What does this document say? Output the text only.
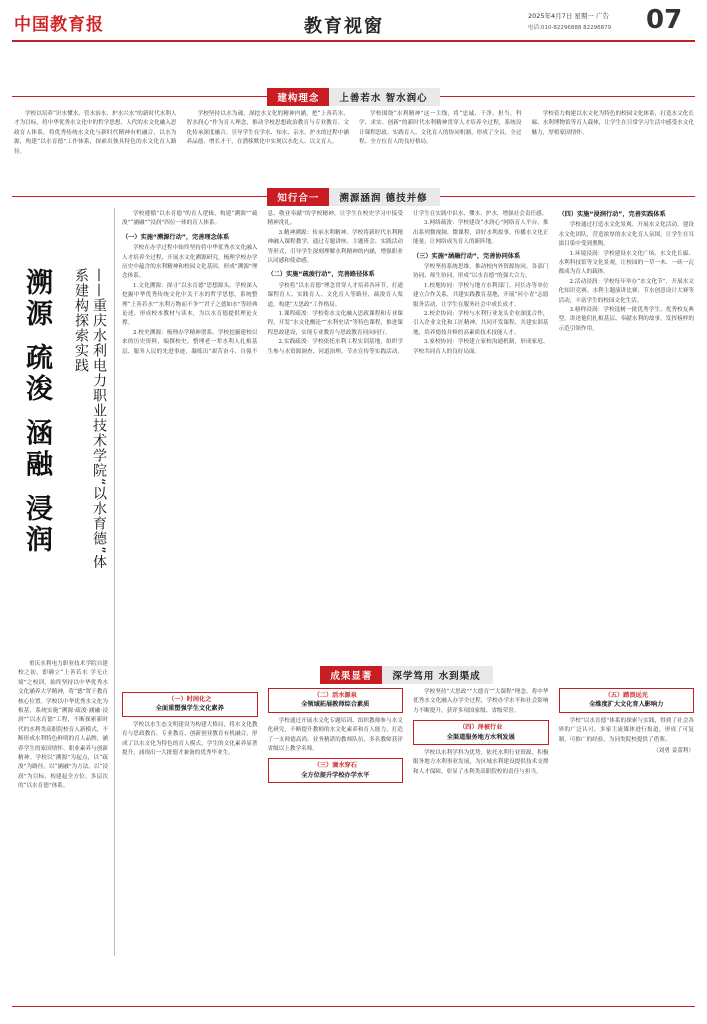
中国教育报	教育视窗	2025年4月7日 星期一 广告
电话:010-82296888 82296879 07
建构理念	上善若水 智水润心

学校以培养“识水懂水、管水治水、护水兴水”的新时代水利人才为目标，将中华优秀水文化中的哲学思想、人代的水文化融入思政育人体系，将优秀传统水文化与新时代精神有机融合，以水为源，构建“以水育德”工作体系，探索出独具特色的水文化育人路径。

学校坚持以水为魂，深挖水文化的精神内涵，把“上善若水、智水润心”作为育人理念，推动学校思想政治教育与专业教育、文化传承深度融合。引导学生在学水、知水、亲水、护水的过程中涵养品德、增长才干，在潜移默化中实现以水化人、以文育人。

学校围绕“水利精神”这一主线，将“忠诚、干净、担当，科学、求实、创新”的新时代水利精神贯穿人才培养全过程，系统设计课程思政、实践育人、文化育人的协同机制，形成了全员、全过程、全方位育人的良好格局。

学校着力构建以水文化为特色的校园文化体系，打造水文化长廊、水利博物馆等育人载体，让学生在日常学习生活中感受水文化魅力，厚植家国情怀。

知行合一	溯源涵润 德技并修
溯源 疏浚 涵融 浸润	——重庆水利电力职业技术学院“以水育德”体系建构探索实践

重庆水利电力职业技术学院自建校之初，即确立“上善若水 学无止境”之校训，始终坚持以中华优秀水文化涵养大学精神，将“德”置于教育核心位置。学校以中华优秀水文化为根基，系统实施“溯源·疏浚·涵融·浸润”“以水育德”工程，不断探索新时代的水利类高职院校育人新模式，不断形成水利特色鲜明的育人品牌，涵养学生的家国情怀、职业素养与创新精神。学校以“溯源”为起点，以“疏浚”为路径，以“涵融”为方法，以“浸润”为目标，构建起全方位、多层次的“以水育德”体系。

学校遵循“以水育德”的育人逻辑，构建“溯源”“疏浚”“涵融”“浸润”四位一体的育人体系。

（一）实施“溯源行动”，完善理念体系

学校在办学过程中始终坚持将中华优秀水文化融入人才培养全过程，开展水文化溯源研究，梳理学校办学历史中蕴含的水利精神和校园文化基因，形成“溯源”理念体系。

1.文化溯源：探寻“以水育德”思想源头。学校深入挖掘中华优秀传统文化中关于水的哲学思想，系统整理“上善若水”“水利万物而不争”“君子之德如水”等经典论述，形成校本教材与读本，为以水育德提供理论支撑。

2.校史溯源：梳理办学精神谱系。学校挖掘建校以来的历史资料，编撰校史，整理老一辈水利人扎根基层、服务人民的先进事迹，凝练出“艰苦奋斗、自强不息、敬业奉献”的学校精神，让学生在校史学习中接受精神洗礼。

3.精神溯源：传承水利精神。学校将新时代水利精神融入课程教学，通过专题讲座、主题班会、实践活动等形式，引导学生深刻理解水利精神的内涵，增强职业认同感和使命感。

（二）实施“疏浚行动”，完善路径体系

学校将“以水育德”理念贯穿人才培养各环节，打通课程育人、实践育人、文化育人等路径，疏浚育人渠道，构建“大思政”工作格局。

1.课程疏浚：学校将水文化融入思政课程和专业课程，开发“水文化概论”“水利史话”等特色课程，推进课程思政建设，实现专业教育与思政教育同向同行。

2.实践疏浚：学校依托水利工程实训基地，组织学生参与水资源调查、河道治理、节水宣传等实践活动，让学生在实践中识水、懂水、护水，增强社会责任感。

3.网络疏浚：学校建设“水润心”网络育人平台，推出系列微视频、微课程，讲好水利故事，传播水文化正能量，让网络成为育人的新阵地。

（三）实施“涵融行动”，完善协同体系

学校坚持系统思维，推动校内外资源协同、各部门协同、师生协同，形成“以水育德”的强大合力。

1.校地协同：学校与地方水利部门、河长办等单位建立合作关系，共建实践教育基地，开展“河小青”志愿服务活动，让学生在服务社会中成长成才。

2.校企协同：学校与水利行业龙头企业深度合作，引入企业文化和工匠精神，共同开发课程、共建实训基地，培养德技并修的高素质技术技能人才。

3.家校协同：学校建立家校沟通机制，形成家庭、学校共同育人的良好局面。

（四）实施“浸润行动”，完善实践体系

学校通过打造水文化景观、开展水文化活动、建设水文化团队，营造浓厚的水文化育人氛围，让学生在耳濡目染中受到熏陶。

1.环境浸润：学校建设水文化广场、水文化长廊、水利科技馆等文化景观，让校园的一草一木、一砖一瓦都成为育人的载体。

2.活动浸润：学校每年举办“水文化节”，开展水文化知识竞赛、水利主题演讲比赛、节水创意设计大赛等活动，丰富学生的校园文化生活。

3.榜样浸润：学校选树一批优秀学生、优秀校友典型，讲述他们扎根基层、奉献水利的故事，发挥榜样的示范引领作用。

成果显著	深学笃用 水到渠成
（一）时间化之
全面重塑强学生文化素养

学校以水生态文明建设为构建大格局，将水文化教育与思政教育、专业教育、创新创业教育有机融合，形成了以水文化为特色的育人模式，学生的文化素养显著提升，涌现出一大批德才兼备的优秀毕业生。

（二）活水源泉
全领域拓展教师综合素质

学校通过开展水文化专题培训、组织教师参与水文化研究，不断提升教师的水文化素养和育人能力，打造了一支师德高尚、业务精湛的教师队伍，多名教师获评省级以上教学名师。

（三）滴水穿石
全方位提升学校办学水平

学校坚持“大思政”“大德育”“大课程”理念，将中华优秀水文化融入办学全过程，学校办学水平和社会影响力不断提升，获评多项国家级、省级荣誉。

（四）泽被行业
全渠道服务地方水利发展

学校以水利学科为优势，依托水利行业资源，积极服务地方水利事业发展，为区域水利建设提供技术支撑和人才保障，彰显了水利类高职院校的责任与担当。

（五）踏浪远光
全维度扩大文化育人影响力

学校“以水育德”体系的探索与实践，得到了社会各界的广泛认可，多家主流媒体进行报道，形成了可复制、可推广的经验，为同类院校提供了借鉴。

（刘勇 姜蕾利）
